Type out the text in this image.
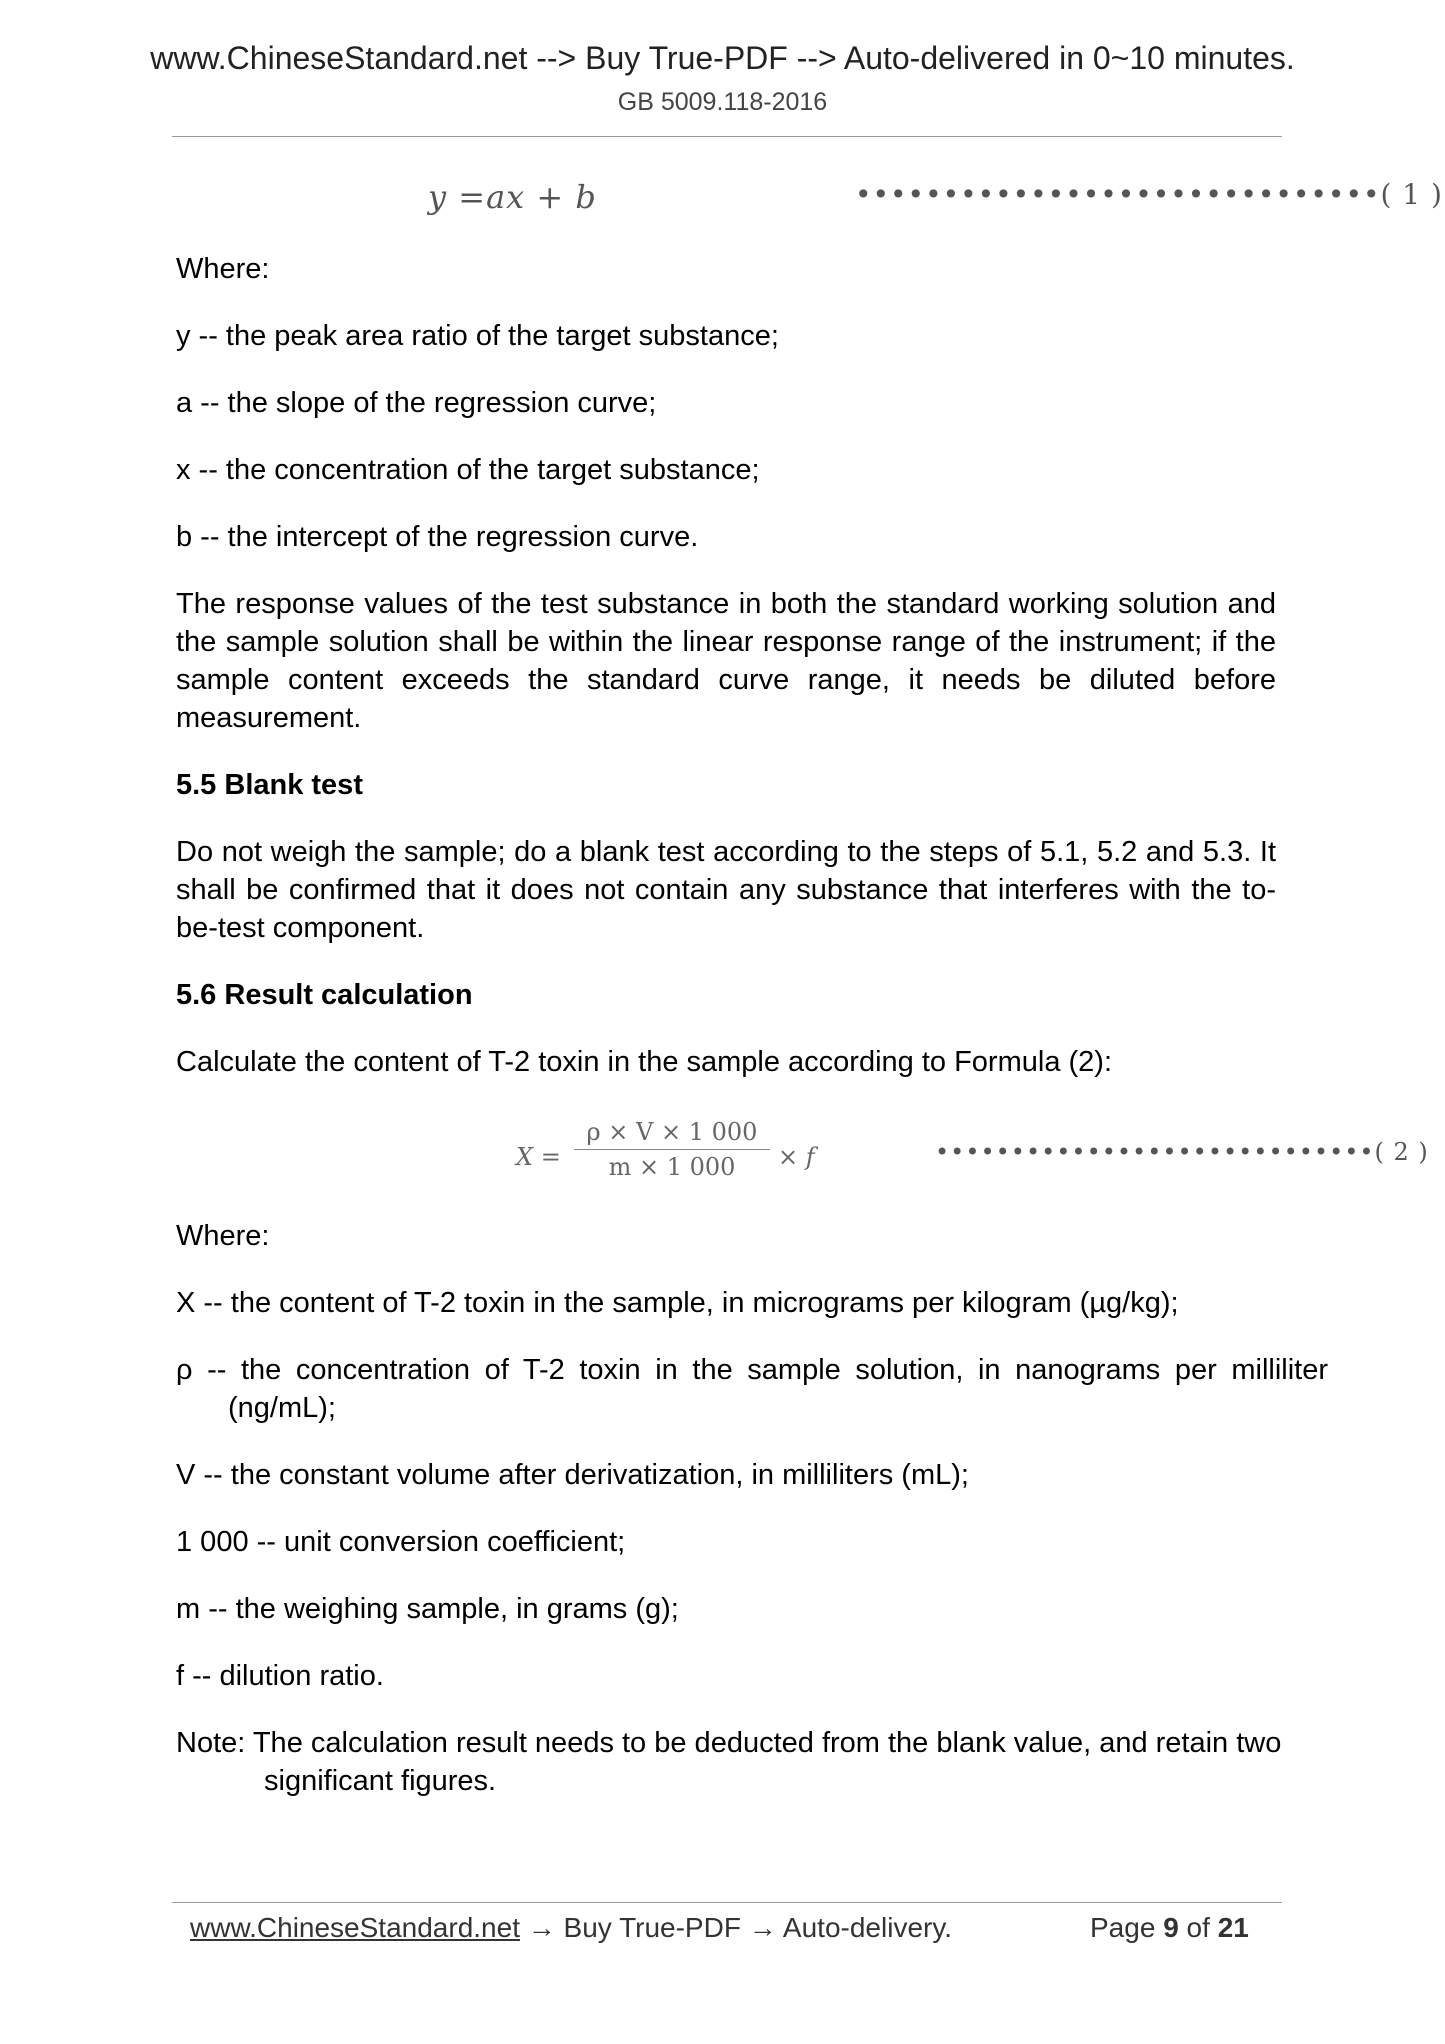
www.ChineseStandard.net --> Buy True-PDF --> Auto-delivered in 0~10 minutes.
GB 5009.118-2016
y =ax + b	••••••••••••••••••••••••••••••( 1 )
Where:
y -- the peak area ratio of the target substance;
a -- the slope of the regression curve;
x -- the concentration of the target substance;
b -- the intercept of the regression curve.
The response values of the test substance in both the standard working solution and the sample solution shall be within the linear response range of the instrument; if the sample content exceeds the standard curve range, it needs be diluted before measurement.
5.5 Blank test
Do not weigh the sample; do a blank test according to the steps of 5.1, 5.2 and 5.3. It shall be confirmed that it does not contain any substance that interferes with the to-be-test component.
5.6 Result calculation
Calculate the content of T-2 toxin in the sample according to Formula (2):
X =
ρ × V × 1 000
m × 1 000	× f	•••••••••••••••••••••••••••••( 2 )
Where:
X -- the content of T-2 toxin in the sample, in micrograms per kilogram (µg/kg);
ρ -- the concentration of T-2 toxin in the sample solution, in nanograms per milliliter (ng/mL);
V -- the constant volume after derivatization, in milliliters (mL);
1 000 -- unit conversion coefficient;
m -- the weighing sample, in grams (g);
f -- dilution ratio.
Note: The calculation result needs to be deducted from the blank value, and retain two significant figures.
www.ChineseStandard.net → Buy True-PDF → Auto-delivery.	Page 9 of 21
